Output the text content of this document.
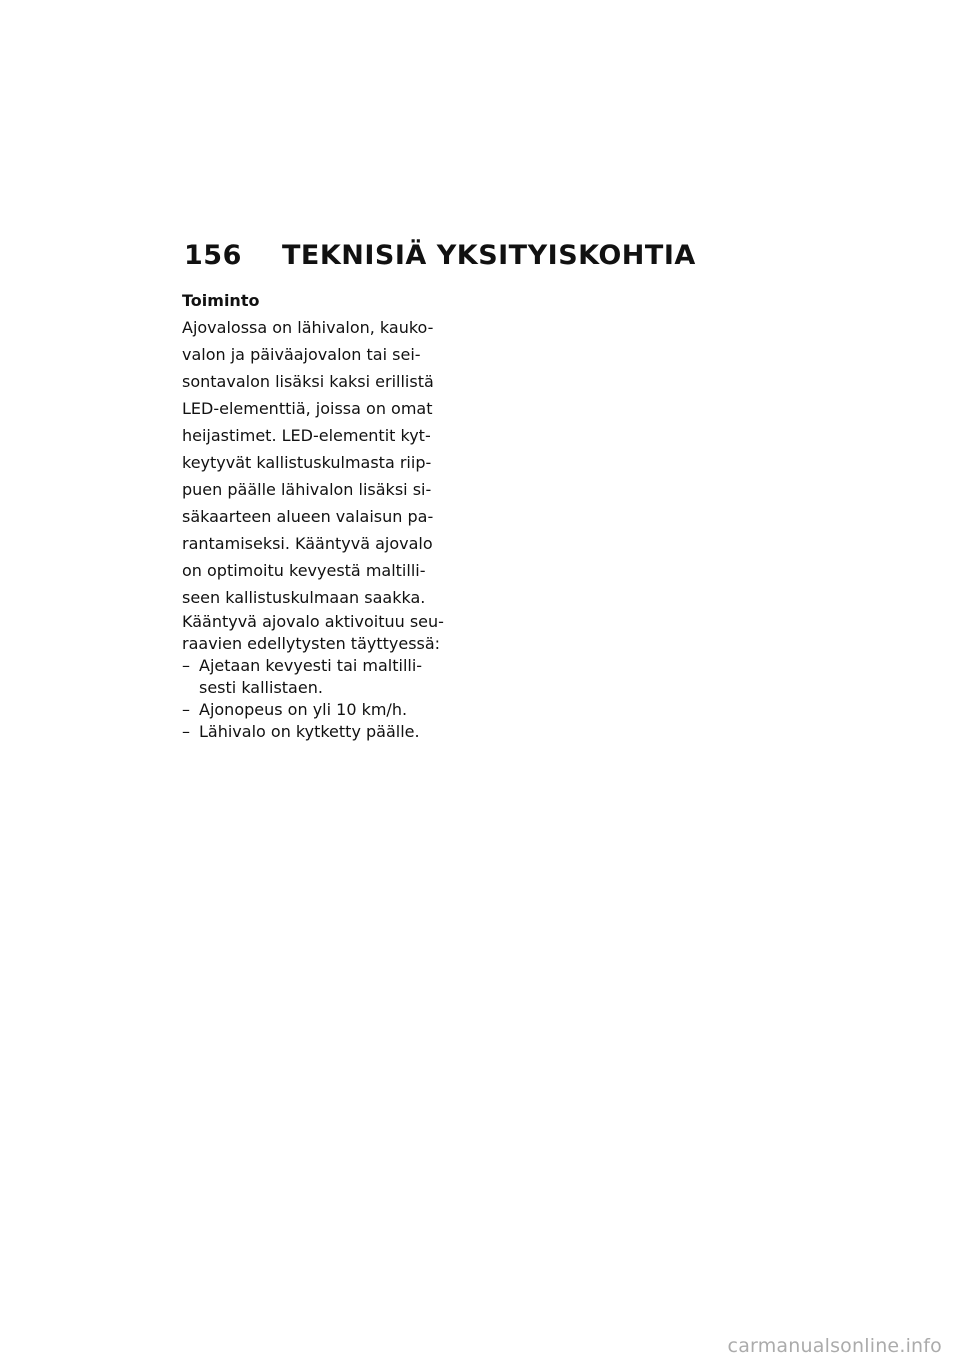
156	TEKNISIÄ YKSITYISKOHTIA
Toiminto
Ajovalossa on lähivalon, kauko-
valon ja päiväajovalon tai sei-
sontavalon lisäksi kaksi erillistä
LED-elementtiä, joissa on omat
heijastimet. LED-elementit kyt-
keytyvät kallistuskulmasta riip-
puen päälle lähivalon lisäksi si-
säkaarteen alueen valaisun pa-
rantamiseksi. Kääntyvä ajovalo
on optimoitu kevyestä maltilli-
seen kallistuskulmaan saakka.
Kääntyvä ajovalo aktivoituu seu-
raavien edellytysten täyttyessä:
– Ajetaan kevyesti tai maltilli-
sesti kallistaen.
– Ajonopeus on yli 10 km/h.
– Lähivalo on kytketty päälle.
carmanualsonline.info
